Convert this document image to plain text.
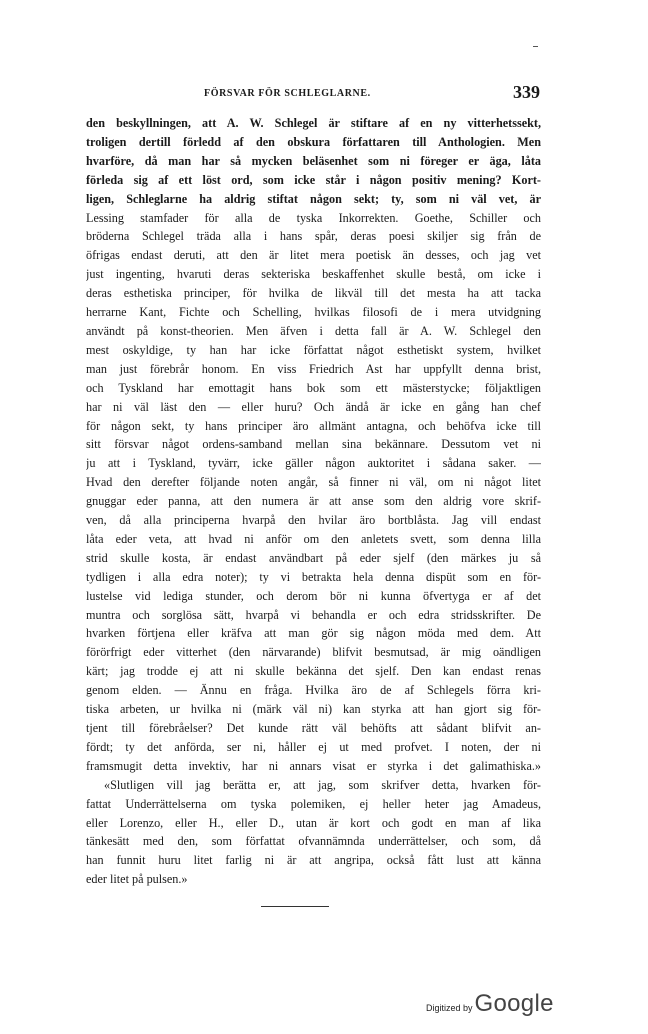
FÖRSVAR FÖR SCHLEGLARNE.	339
den beskyllningen, att A. W. Schlegel är stiftare af en ny vitterhetssekt,
troligen dertill förledd af den obskura författaren till Anthologien. Men
hvarföre, då man har så mycken beläsenhet som ni föreger er äga, låta
förleda sig af ett löst ord, som icke står i någon positiv mening? Kort-
ligen, Schleglarne ha aldrig stiftat någon sekt; ty, som ni väl vet, är
Lessing stamfader för alla de tyska Inkorrekten. Goethe, Schiller och
bröderna Schlegel träda alla i hans spår, deras poesi skiljer sig från de
öfrigas endast deruti, att den är litet mera poetisk än desses, och jag vet
just ingenting, hvaruti deras sekteriska beskaffenhet skulle bestå, om icke i
deras esthetiska principer, för hvilka de likväl till det mesta ha att tacka
herrarne Kant, Fichte och Schelling, hvilkas filosofi de i mera utvidgning
användt på konst-theorien. Men äfven i detta fall är A. W. Schlegel den
mest oskyldige, ty han har icke författat något esthetiskt system, hvilket
man just förebrår honom. En viss Friedrich Ast har uppfyllt denna brist,
och Tyskland har emottagit hans bok som ett mästerstycke; följaktligen
har ni väl läst den — eller huru? Och ändå är icke en gång han chef
för någon sekt, ty hans principer äro allmänt antagna, och behöfva icke till
sitt försvar något ordens-samband mellan sina bekännare. Dessutom vet ni
ju att i Tyskland, tyvärr, icke gäller någon auktoritet i sådana saker. —
Hvad den derefter följande noten angår, så finner ni väl, om ni något litet
gnuggar eder panna, att den numera är att anse som den aldrig vore skrif-
ven, då alla principerna hvarpå den hvilar äro bortblåsta. Jag vill endast
låta eder veta, att hvad ni anför om den anletets svett, som denna lilla
strid skulle kosta, är endast användbart på eder sjelf (den märkes ju så
tydligen i alla edra noter); ty vi betrakta hela denna dispüt som en för-
lustelse vid lediga stunder, och derom bör ni kunna öfvertyga er af det
muntra och sorglösa sätt, hvarpå vi behandla er och edra stridsskrifter. De
hvarken förtjena eller kräfva att man gör sig någon möda med dem. Att
förörfrigt eder vitterhet (den närvarande) blifvit besmutsad, är mig oändligen
kärt; jag trodde ej att ni skulle bekänna det sjelf. Den kan endast renas
genom elden. — Ännu en fråga. Hvilka äro de af Schlegels förra kri-
tiska arbeten, ur hvilka ni (märk väl ni) kan styrka att han gjort sig för-
tjent till förebråelser? Det kunde rätt väl behöfts att sådant blifvit an-
fördt; ty det anförda, ser ni, håller ej ut med profvet. I noten, der ni
framsmugit detta invektiv, har ni annars visat er styrka i det galimathiska.»
«Slutligen vill jag berätta er, att jag, som skrifver detta, hvarken för-
fattat Underrättelserna om tyska polemiken, ej heller heter jag Amadeus,
eller Lorenzo, eller H., eller D., utan är kort och godt en man af lika
tänkesätt med den, som författat ofvannämnda underrättelser, och som, då
han funnit huru litet farlig ni är att angripa, också fått lust att känna
eder litet på pulsen.»
Digitized by Google
